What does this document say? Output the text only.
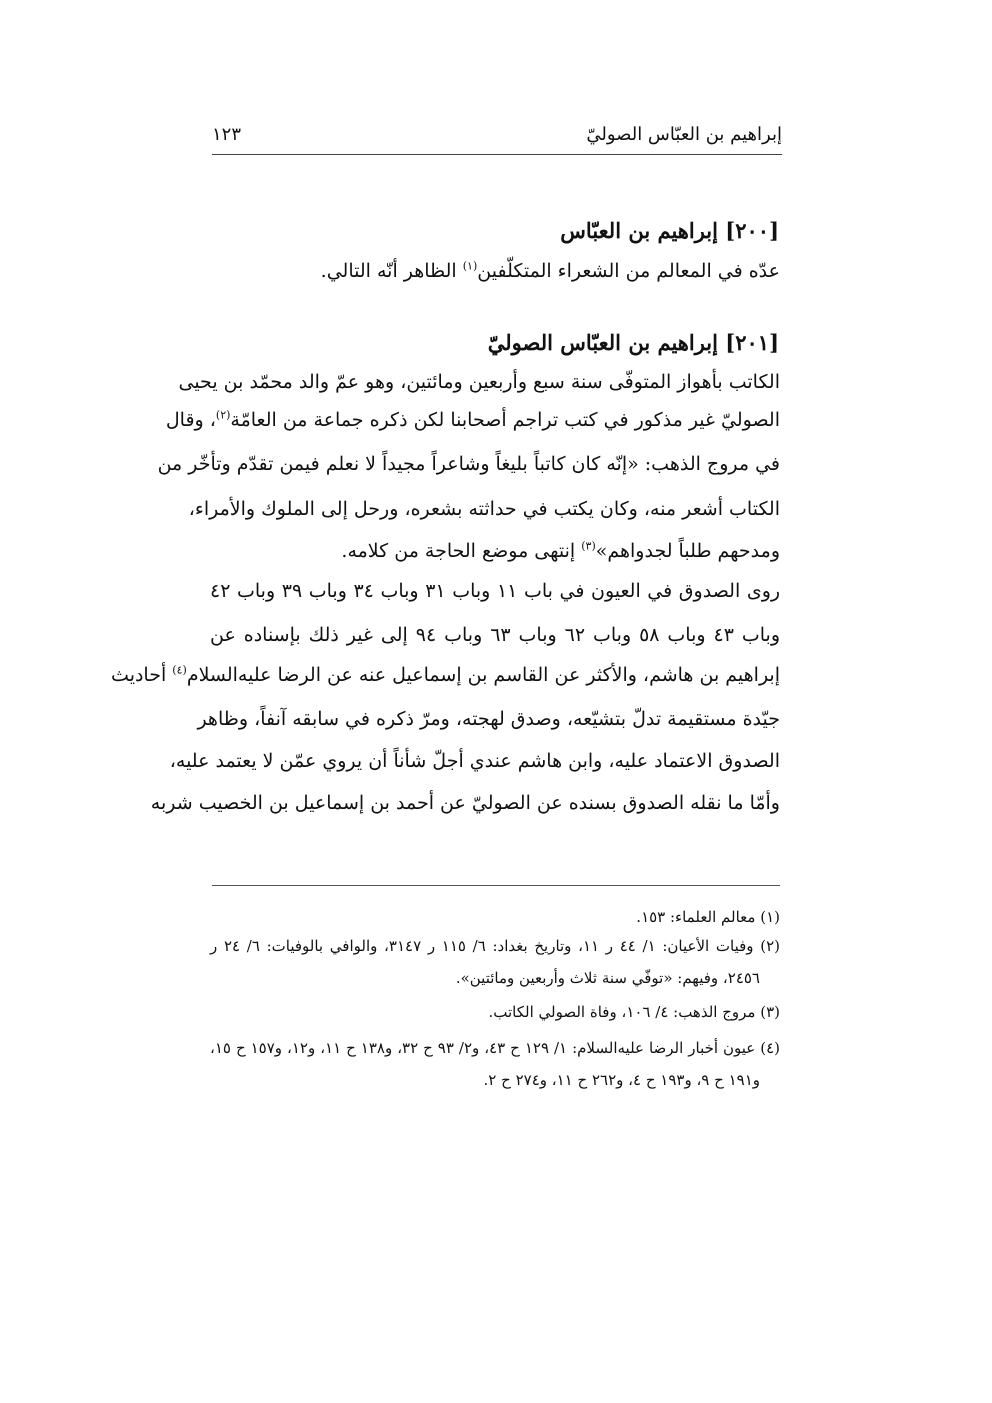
إبراهيم بن العبّاس الصوليّ
١٢٣
[٢٠٠] إبراهيم بن العبّاس
عدّه في المعالم من الشعراء المتكلّفين$^{(١)}$ الظاهر أنّه التالي.
[٢٠١] إبراهيم بن العبّاس الصوليّ
الكاتب بأهواز المتوفّى سنة سبع وأربعين ومائتين، وهو عمّ والد محمّد بن يحيى
الصوليّ غير مذكور في كتب تراجم أصحابنا لكن ذكره جماعة من العامّة$^{(٢)}$، وقال
في مروج الذهب: «إنّه كان كاتباً بليغاً وشاعراً مجيداً لا نعلم فيمن تقدّم وتأخّر من
الكتاب أشعر منه، وكان يكتب في حداثته بشعره، ورحل إلى الملوك والأمراء،
ومدحهم طلباً لجدواهم»$^{(٣)}$ إنتهى موضع الحاجة من كلامه.
روى الصدوق في العيون في باب ١١ وباب ٣١ وباب ٣٤ وباب ٣٩ وباب ٤٢
وباب ٤٣ وباب ٥٨ وباب ٦٢ وباب ٦٣ وباب ٩٤ إلى غير ذلك بإسناده عن
إبراهيم بن هاشم، والأكثر عن القاسم بن إسماعيل عنه عن الرضا عليه‌السلام$^{(٤)}$ أحاديث
جيّدة مستقيمة تدلّ بتشيّعه، وصدق لهجته، ومرّ ذكره في سابقه آنفاً، وظاهر
الصدوق الاعتماد عليه، وابن هاشم عندي أجلّ شأناً أن يروي عمّن لا يعتمد عليه،
وأمّا ما نقله الصدوق بسنده عن الصوليّ عن أحمد بن إسماعيل بن الخصيب شربه
(١) معالم العلماء: ١٥٣.
(٢) وفيات الأعيان: ١/ ٤٤ ر ١١، وتاريخ بغداد: ٦/ ١١٥ ر ٣١٤٧، والوافي بالوفيات: ٦/ ٢٤ ر
٢٤٥٦، وفيهم: «توفّي سنة ثلاث وأربعين ومائتين».
(٣) مروج الذهب: ٤/ ١٠٦، وفاة الصولي الكاتب.
(٤) عيون أخبار الرضا عليه‌السلام: ١/ ١٢٩ ح ٤٣، و٢/ ٩٣ ح ٣٢، و١٣٨ ح ١١، و١٢، و١٥٧ ح ١٥،
و١٩١ ح ٩، و١٩٣ ح ٤، و٢٦٢ ح ١١، و٢٧٤ ح ٢.
